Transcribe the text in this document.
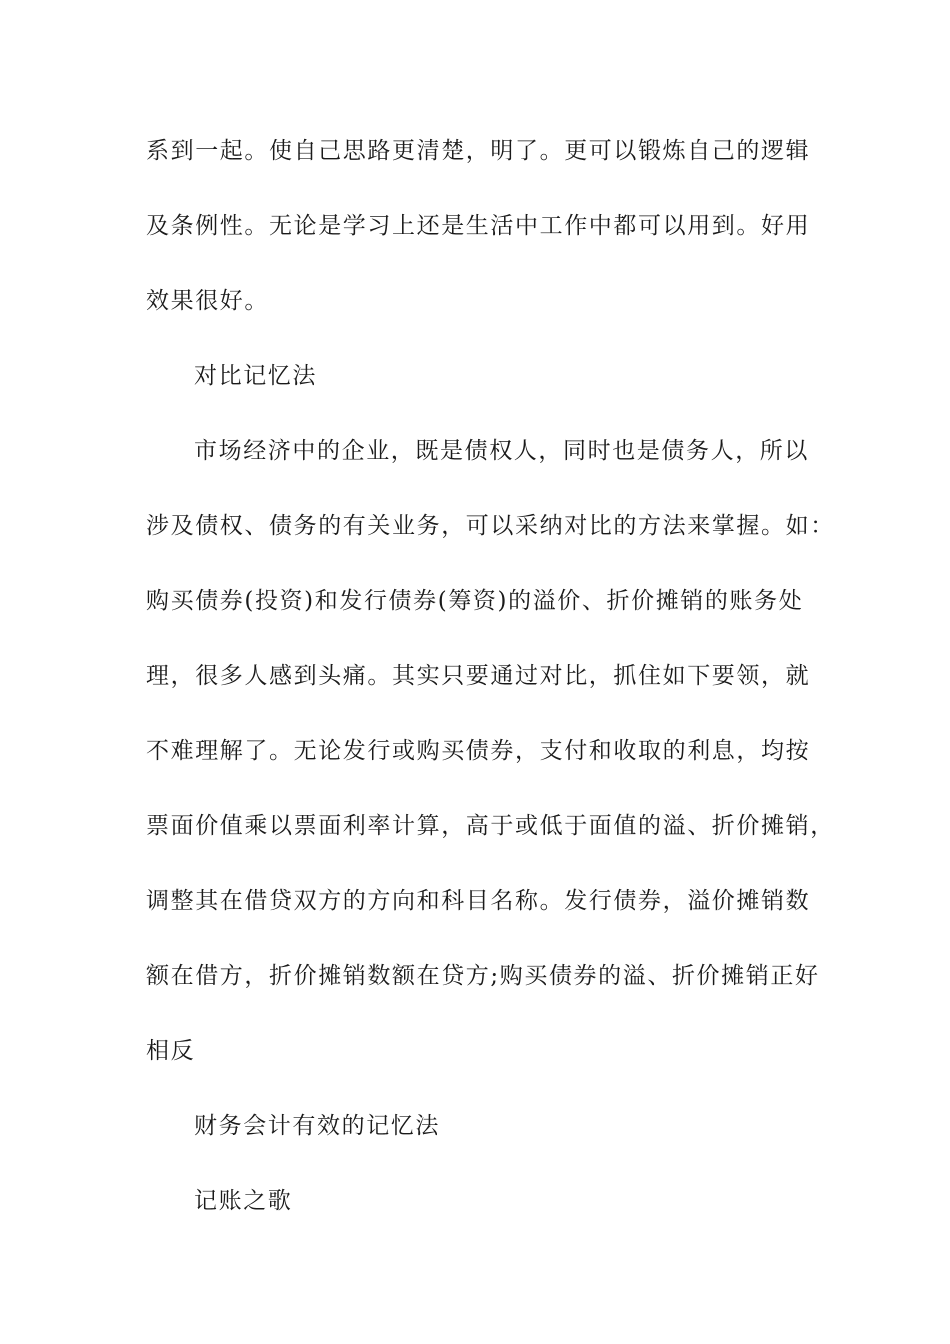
系到一起。使自己思路更清楚，明了。更可以锻炼自己的逻辑
及条例性。无论是学习上还是生活中工作中都可以用到。好用
效果很好。
对比记忆法
市场经济中的企业，既是债权人，同时也是债务人，所以
涉及债权、债务的有关业务，可以采纳对比的方法来掌握。如：
购买债券(投资)和发行债券(筹资)的溢价、折价摊销的账务处
理，很多人感到头痛。其实只要通过对比，抓住如下要领，就
不难理解了。无论发行或购买债券，支付和收取的利息，均按
票面价值乘以票面利率计算，高于或低于面值的溢、折价摊销，
调整其在借贷双方的方向和科目名称。发行债券，溢价摊销数
额在借方，折价摊销数额在贷方;购买债券的溢、折价摊销正好
相反
财务会计有效的记忆法
记账之歌
